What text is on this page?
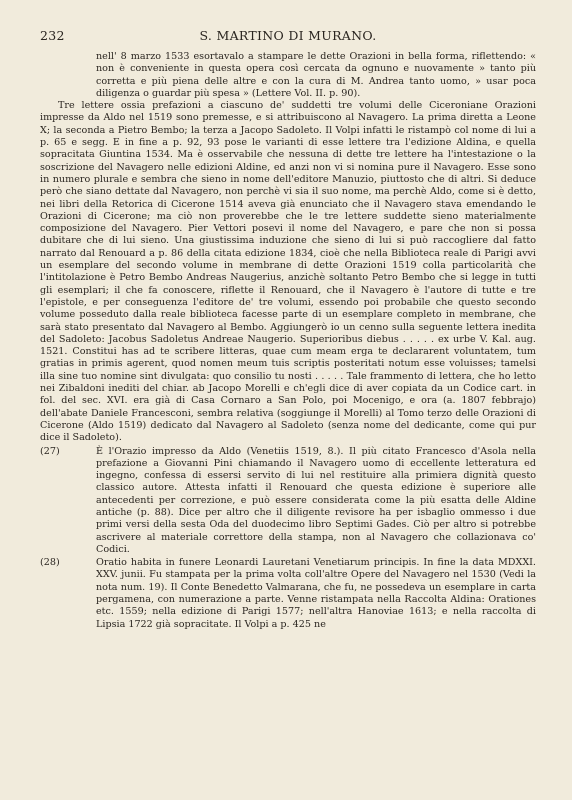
232	S. MARTINO DI MURANO.

nell' 8 marzo 1533 esortavalo a stampare le dette Orazioni in bella forma, riflettendo: « non è conveniente in questa opera così cercata da ognuno e nuovamente » tanto più corretta e più piena delle altre e con la cura di M. Andrea tanto uomo, » usar poca diligenza o guardar più spesa » (Lettere Vol. II. p. 90).

Tre lettere ossia prefazioni a ciascuno de' suddetti tre volumi delle Ciceroniane Orazioni impresse da Aldo nel 1519 sono premesse, e si attribuiscono al Navagero. La prima diretta a Leone X; la seconda a Pietro Bembo; la terza a Jacopo Sadoleto. Il Volpi infatti le ristampò col nome di lui a p. 65 e segg. E in fine a p. 92, 93 pose le varianti di esse lettere tra l'edizione Aldina, e quella sopracitata Giuntina 1534. Ma è osservabile che nessuna di dette tre lettere ha l'intestazione o la soscrizione del Navagero nelle edizioni Aldine, ed anzi non vi si nomina pure il Navagero. Esse sono in numero plurale e sembra che sieno in nome dell'editore Manuzio, piuttosto che di altri. Si deduce però che siano dettate dal Navagero, non perchè vi sia il suo nome, ma perchè Aldo, come si è detto, nei libri della Retorica di Cicerone 1514 aveva già enunciato che il Navagero stava emendando le Orazioni di Cicerone; ma ciò non proverebbe che le tre lettere suddette sieno materialmente composizione del Navagero. Pier Vettori posevi il nome del Navagero, e pare che non si possa dubitare che di lui sieno. Una giustissima induzione che sieno di lui si può raccogliere dal fatto narrato dal Renouard a p. 86 della citata edizione 1834, cioè che nella Biblioteca reale di Parigi avvi un esemplare del secondo volume in membrane di dette Orazioni 1519 colla particolarità che l'intitolazione è Petro Bembo Andreas Naugerius, anzichè soltanto Petro Bembo che si legge in tutti gli esemplari; il che fa conoscere, riflette il Renouard, che il Navagero è l'autore di tutte e tre l'epistole, e per conseguenza l'editore de' tre volumi, essendo poi probabile che questo secondo volume posseduto dalla reale biblioteca facesse parte di un esemplare completo in membrane, che sarà stato presentato dal Navagero al Bembo. Aggiungerò io un cenno sulla seguente lettera inedita del Sadoleto: Jacobus Sadoletus Andreae Naugerio. Superioribus diebus . . . . . ex urbe V. Kal. aug. 1521. Constitui has ad te scribere litteras, quae cum meam erga te declararent voluntatem, tum gratias in primis agerent, quod nomen meum tuis scriptis posteritati notum esse voluisses; tamelsi illa sine tuo nomine sint divulgata: quo consilio tu nosti . . . . . Tale frammento di lettera, che ho letto nei Zibaldoni inediti del chiar. ab Jacopo Morelli e ch'egli dice di aver copiata da un Codice cart. in fol. del sec. XVI. era già di Casa Cornaro a San Polo, poi Mocenigo, e ora (a. 1807 febbrajo) dell'abate Daniele Francesconi, sembra relativa (soggiunge il Morelli) al Tomo terzo delle Orazioni di Cicerone (Aldo 1519) dedicato dal Navagero al Sadoleto (senza nome del dedicante, come qui pur dice il Sadoleto).

(27)	È l'Orazio impresso da Aldo (Venetiis 1519, 8.). Il più citato Francesco d'Asola nella prefazione a Giovanni Pini chiamando il Navagero uomo di eccellente letteratura ed ingegno, confessa di essersi servito di lui nel restituire alla primiera dignità questo classico autore. Attesta infatti il Renouard che questa edizione è superiore alle antecedenti per correzione, e può essere considerata come la più esatta delle Aldine antiche (p. 88). Dice per altro che il diligente revisore ha per isbaglio ommesso i due primi versi della sesta Oda del duodecimo libro Septimi Gades. Ciò per altro si potrebbe ascrivere al materiale correttore della stampa, non al Navagero che collazionava co' Codici.
(28)	Oratio habita in funere Leonardi Lauretani Venetiarum principis. In fine la data MDXXI. XXV. junii. Fu stampata per la prima volta coll'altre Opere del Navagero nel 1530 (Vedi la nota num. 19). Il Conte Benedetto Valmarana, che fu, ne possedeva un esemplare in carta pergamena, con numerazione a parte. Venne ristampata nella Raccolta Aldina: Orationes etc. 1559; nella edizione di Parigi 1577; nell'altra Hanoviae 1613; e nella raccolta di Lipsia 1722 già sopracitate. Il Volpi a p. 425 ne
